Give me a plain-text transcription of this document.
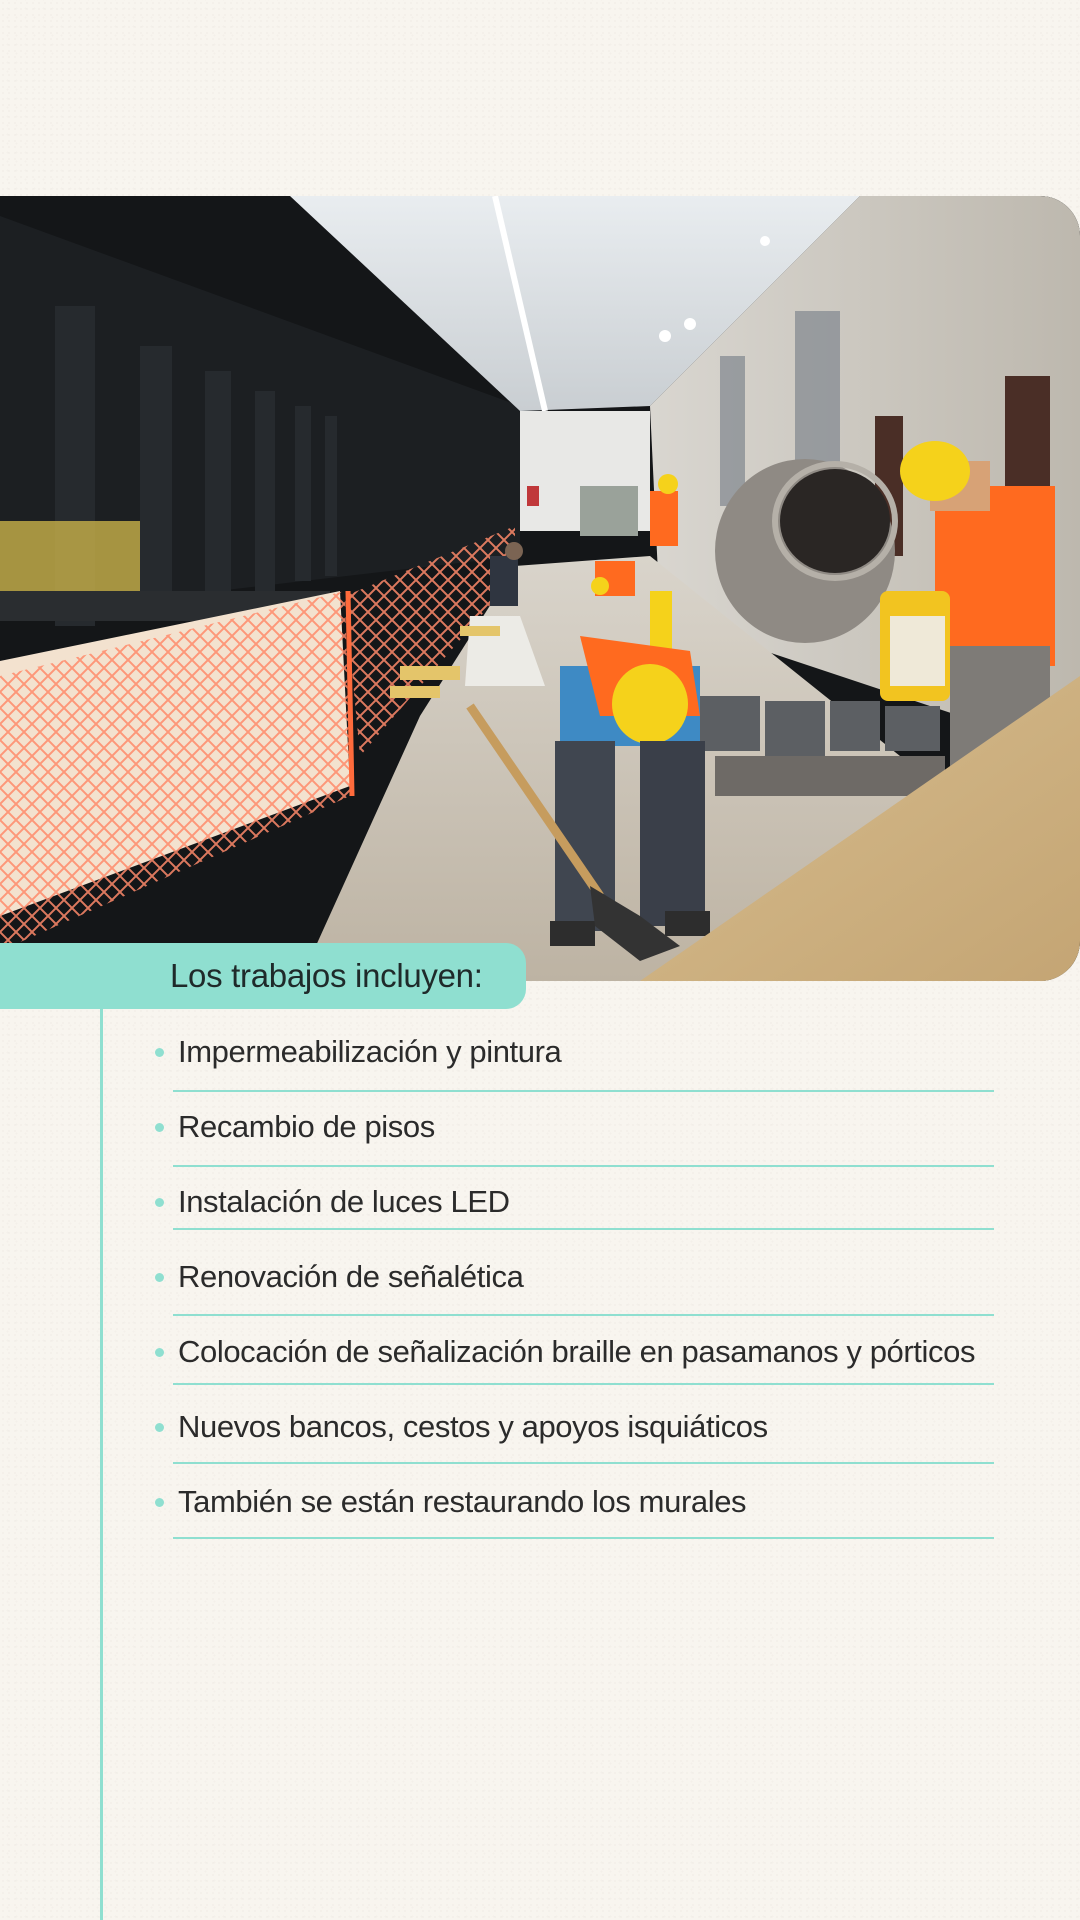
Los trabajos incluyen:
Impermeabilización y pintura
Recambio de pisos
Instalación de luces LED
Renovación de señalética
Colocación de señalización braille en pasamanos y pórticos
Nuevos bancos, cestos y apoyos isquiáticos
También se están restaurando los murales
